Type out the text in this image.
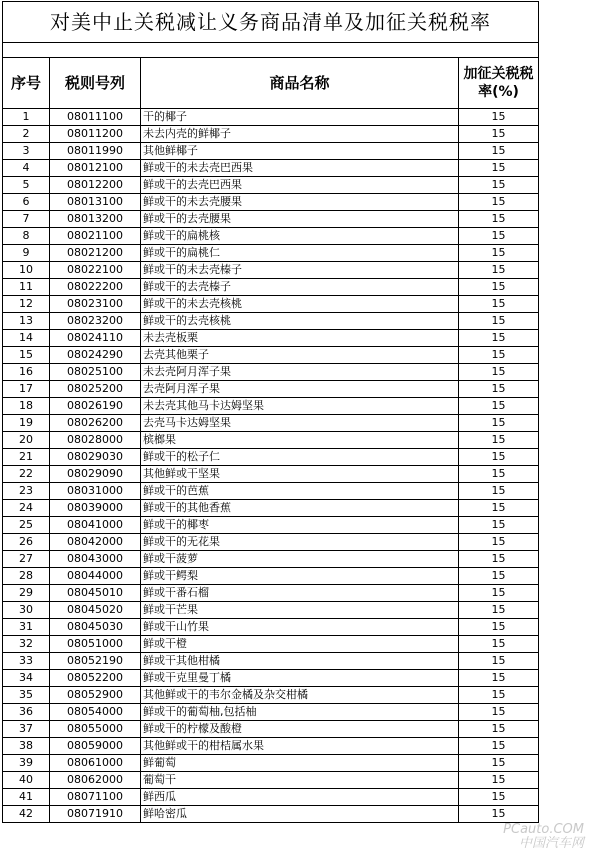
对美中止关税减让义务商品清单及加征关税税率			

序号	税则号列	商品名称	加征关税税率(%)
1	08011100	干的椰子	15
2	08011200	未去内壳的鲜椰子	15
3	08011990	其他鲜椰子	15
4	08012100	鲜或干的未去壳巴西果	15
5	08012200	鲜或干的去壳巴西果	15
6	08013100	鲜或干的未去壳腰果	15
7	08013200	鲜或干的去壳腰果	15
8	08021100	鲜或干的扁桃核	15
9	08021200	鲜或干的扁桃仁	15
10	08022100	鲜或干的未去壳榛子	15
11	08022200	鲜或干的去壳榛子	15
12	08023100	鲜或干的未去壳核桃	15
13	08023200	鲜或干的去壳核桃	15
14	08024110	未去壳板栗	15
15	08024290	去壳其他栗子	15
16	08025100	未去壳阿月浑子果	15
17	08025200	去壳阿月浑子果	15
18	08026190	未去壳其他马卡达姆坚果	15
19	08026200	去壳马卡达姆坚果	15
20	08028000	槟榔果	15
21	08029030	鲜或干的松子仁	15
22	08029090	其他鲜或干坚果	15
23	08031000	鲜或干的芭蕉	15
24	08039000	鲜或干的其他香蕉	15
25	08041000	鲜或干的椰枣	15
26	08042000	鲜或干的无花果	15
27	08043000	鲜或干菠萝	15
28	08044000	鲜或干鳄梨	15
29	08045010	鲜或干番石榴	15
30	08045020	鲜或干芒果	15
31	08045030	鲜或干山竹果	15
32	08051000	鲜或干橙	15
33	08052190	鲜或干其他柑橘	15
34	08052200	鲜或干克里曼丁橘	15
35	08052900	其他鲜或干的韦尔金橘及杂交柑橘	15
36	08054000	鲜或干的葡萄柚,包括柚	15
37	08055000	鲜或干的柠檬及酸橙	15
38	08059000	其他鲜或干的柑桔属水果	15
39	08061000	鲜葡萄	15
40	08062000	葡萄干	15
41	08071100	鲜西瓜	15
42	08071910	鲜哈密瓜	15
PCauto.COM
中国汽车网
